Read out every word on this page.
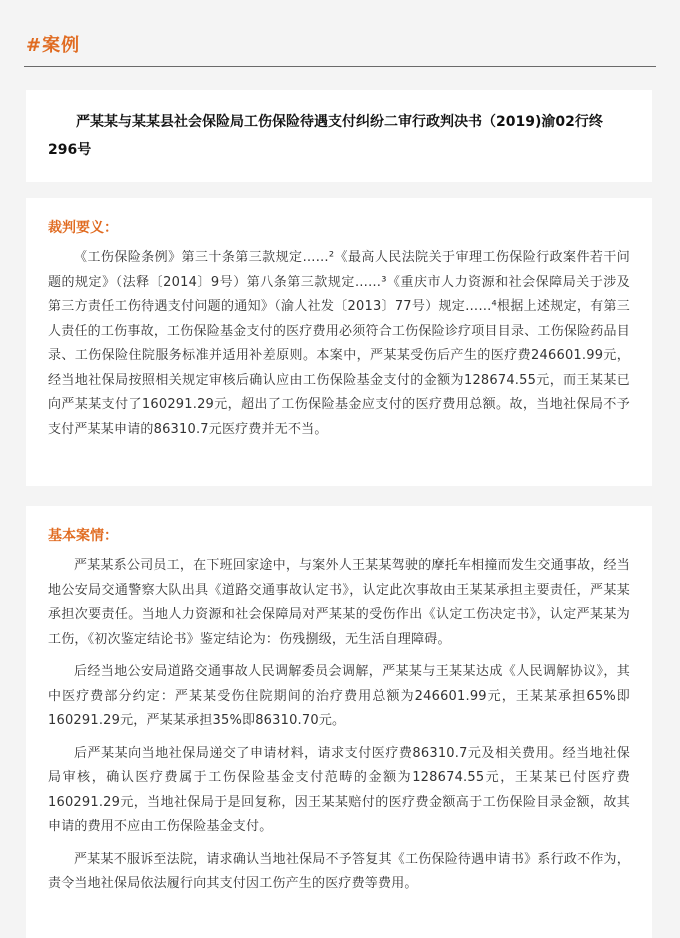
#案例

严某某与某某县社会保险局工伤保险待遇支付纠纷二审行政判决书（2019)渝02行终296号

裁判要义：

《工伤保险条例》第三十条第三款规定……²《最高人民法院关于审理工伤保险行政案件若干问题的规定》（法释〔2014〕9号）第八条第三款规定……³《重庆市人力资源和社会保障局关于涉及第三方责任工伤待遇支付问题的通知》（渝人社发〔2013〕77号）规定……⁴根据上述规定，有第三人责任的工伤事故，工伤保险基金支付的医疗费用必须符合工伤保险诊疗项目目录、工伤保险药品目录、工伤保险住院服务标准并适用补差原则。本案中，严某某受伤后产生的医疗费246601.99元，经当地社保局按照相关规定审核后确认应由工伤保险基金支付的金额为128674.55元，而王某某已向严某某支付了160291.29元，超出了工伤保险基金应支付的医疗费用总额。故，当地社保局不予支付严某某申请的86310.7元医疗费并无不当。

基本案情：

严某某系公司员工，在下班回家途中，与案外人王某某驾驶的摩托车相撞而发生交通事故，经当地公安局交通警察大队出具《道路交通事故认定书》，认定此次事故由王某某承担主要责任，严某某承担次要责任。当地人力资源和社会保障局对严某某的受伤作出《认定工伤决定书》，认定严某某为工伤，《初次鉴定结论书》鉴定结论为：伤残捌级，无生活自理障碍。

后经当地公安局道路交通事故人民调解委员会调解，严某某与王某某达成《人民调解协议》，其中医疗费部分约定：严某某受伤住院期间的治疗费用总额为246601.99元，王某某承担65%即160291.29元，严某某承担35%即86310.70元。

后严某某向当地社保局递交了申请材料，请求支付医疗费86310.7元及相关费用。经当地社保局审核，确认医疗费属于工伤保险基金支付范畴的金额为128674.55元，王某某已付医疗费160291.29元，当地社保局于是回复称，因王某某赔付的医疗费金额高于工伤保险目录金额，故其申请的费用不应由工伤保险基金支付。

严某某不服诉至法院，请求确认当地社保局不予答复其《工伤保险待遇申请书》系行政不作为，责令当地社保局依法履行向其支付因工伤产生的医疗费等费用。
